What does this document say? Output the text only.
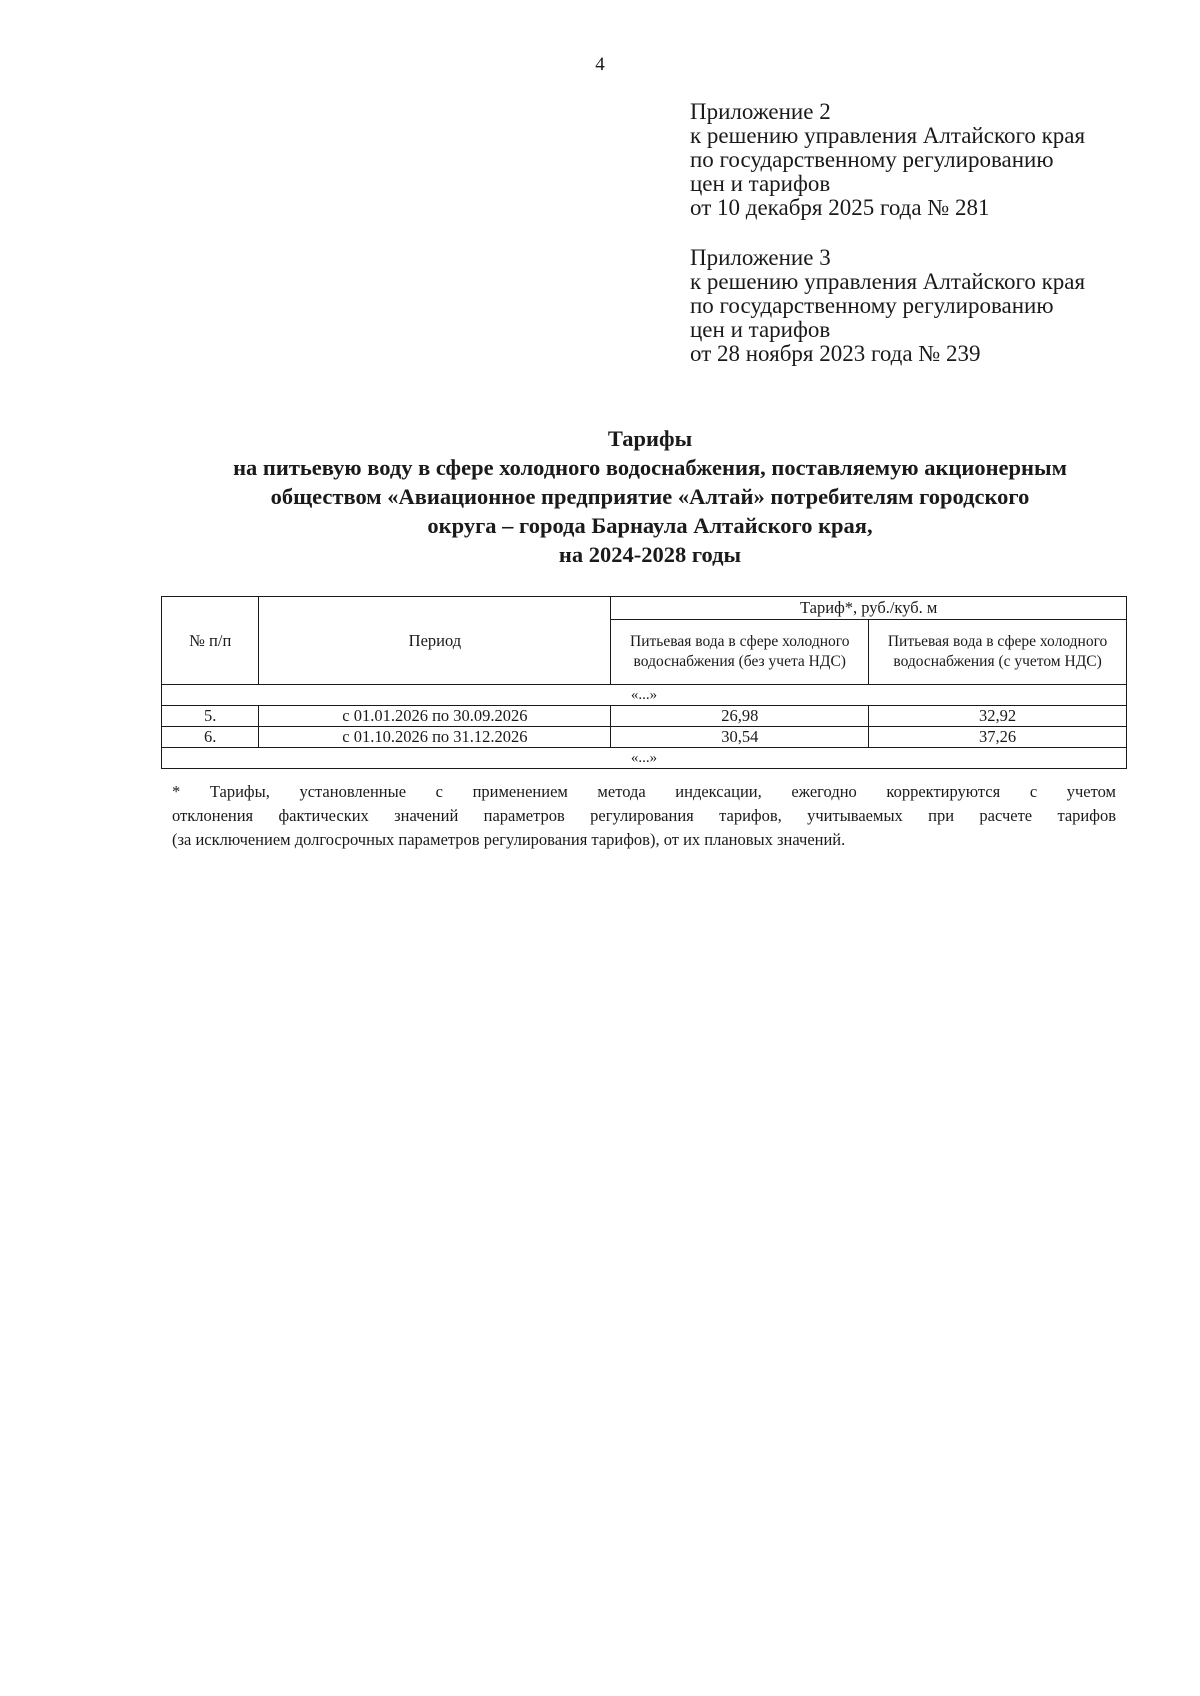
4
Приложение 2
к решению управления Алтайского края
по государственному регулированию
цен и тарифов
от 10 декабря 2025 года № 281
Приложение 3
к решению управления Алтайского края
по государственному регулированию
цен и тарифов
от 28 ноября 2023 года № 239
Тарифы
на питьевую воду в сфере холодного водоснабжения, поставляемую акционерным
обществом «Авиационное предприятие «Алтай» потребителям городского
округа – города Барнаула Алтайского края,
на 2024-2028 годы
№ п/п	Период	Тариф*, руб./куб. м	
		Питьевая вода в сфере холодного водоснабжения (без учета НДС)	Питьевая вода в сфере холодного водоснабжения (с учетом НДС)
«...»			
5.	с 01.01.2026 по 30.09.2026	26,98	32,92
6.	с 01.10.2026 по 31.12.2026	30,54	37,26
«...»			
* Тарифы, установленные с применением метода индексации, ежегодно корректируются с учетом
отклонения фактических значений параметров регулирования тарифов, учитываемых при расчете тарифов
(за исключением долгосрочных параметров регулирования тарифов), от их плановых значений.
